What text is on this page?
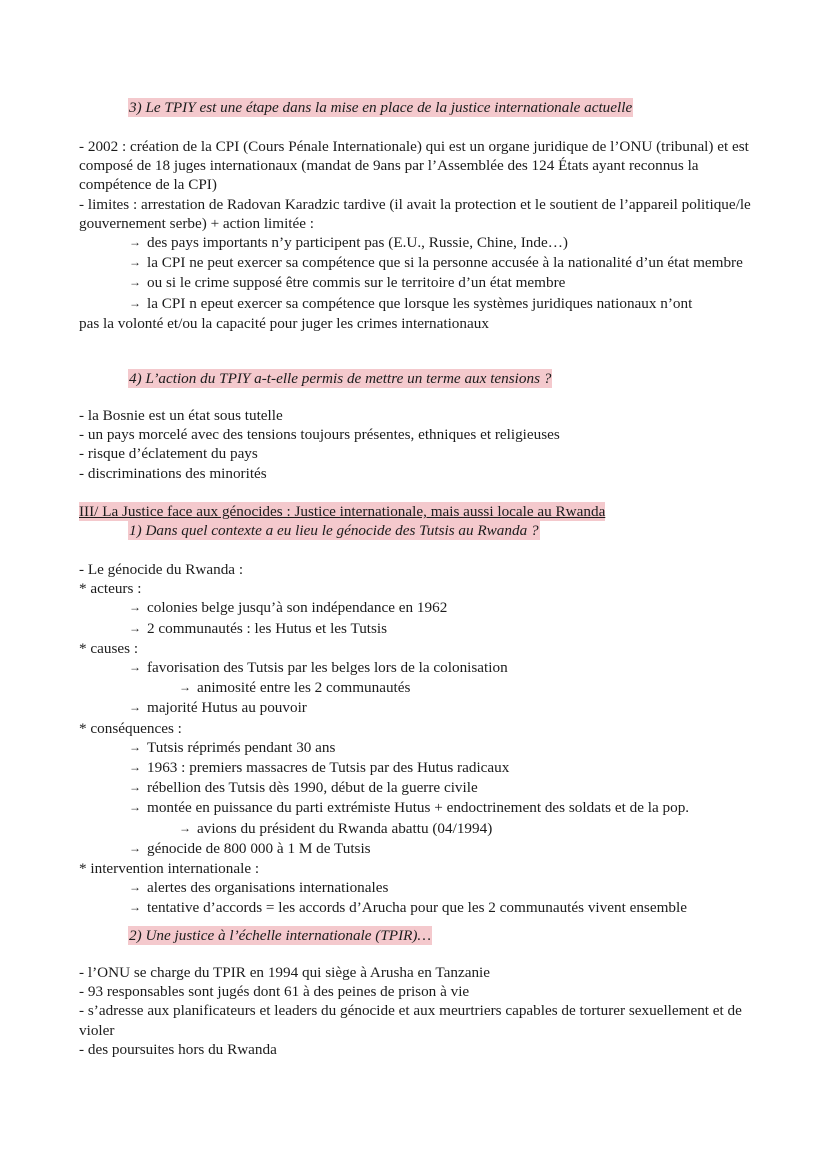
3) Le TPIY est une étape dans la mise en place de la justice internationale actuelle

- 2002 : création de la CPI (Cours Pénale Internationale) qui est un organe juridique de l’ONU (tribunal) et est composé de 18 juges internationaux (mandat de 9ans par l’Assemblée des 124 États ayant reconnus la compétence de la CPI)

- limites : arrestation de Radovan Karadzic tardive (il avait la protection et le soutient de l’appareil politique/le gouvernement serbe) + action limitée :

→ des pays importants n’y participent pas (E.U., Russie, Chine, Inde…)

→ la CPI ne peut exercer sa compétence que si la personne accusée à la nationalité d’un état membre

→ ou si le crime supposé être commis sur le territoire d’un état membre

→ la CPI n epeut exercer sa compétence que lorsque les systèmes juridiques nationaux n’ont

pas la volonté et/ou la capacité pour juger les crimes internationaux

4) L’action du TPIY a-t-elle permis de mettre un terme aux tensions ?

- la Bosnie est un état sous tutelle

- un pays morcelé avec des tensions toujours présentes, ethniques et religieuses

- risque d’éclatement du pays

- discriminations des minorités

III/ La Justice face aux génocides : Justice internationale, mais aussi locale au Rwanda
1) Dans quel contexte a eu lieu le génocide des Tutsis au Rwanda ?

- Le génocide du Rwanda :

* acteurs :

→ colonies belge jusqu’à son indépendance en 1962

→ 2 communautés : les Hutus et les Tutsis

* causes :

→ favorisation des Tutsis par les belges lors de la colonisation

→ animosité entre les 2 communautés

→ majorité Hutus au pouvoir

* conséquences :

→ Tutsis réprimés pendant 30 ans

→ 1963 : premiers massacres de Tutsis par des Hutus radicaux

→ rébellion des Tutsis dès 1990, début de la guerre civile

→ montée en puissance du parti extrémiste Hutus + endoctrinement des soldats et de la pop.

→ avions du président du Rwanda abattu (04/1994)

→ génocide de 800 000 à 1 M de Tutsis

* intervention internationale :

→ alertes des organisations internationales

→ tentative d’accords = les accords d’Arucha pour que les 2 communautés vivent ensemble

2) Une justice à l’échelle internationale (TPIR)…

- l’ONU se charge du TPIR en 1994 qui siège à Arusha en Tanzanie

- 93 responsables sont jugés dont 61 à des peines de prison à vie

- s’adresse aux planificateurs et leaders du génocide et aux meurtriers capables de torturer sexuellement et de violer

- des poursuites hors du Rwanda
